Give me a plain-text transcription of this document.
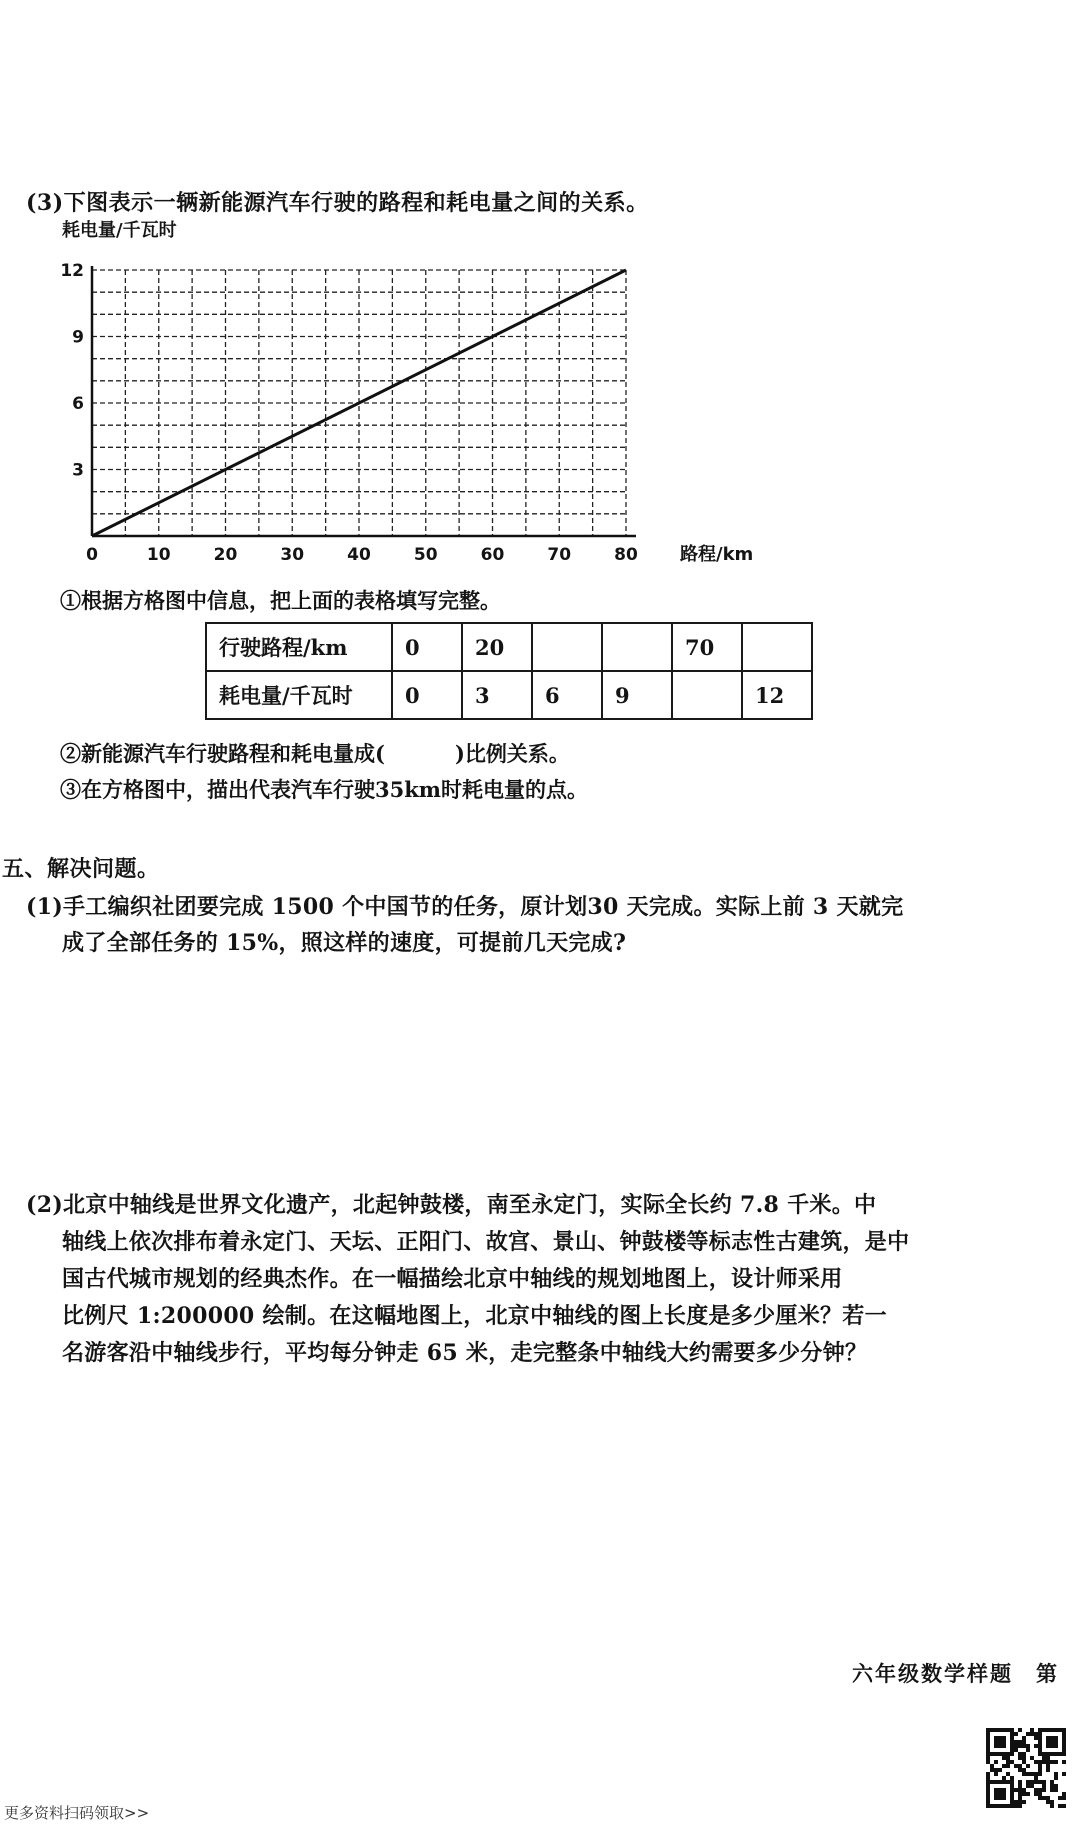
(3)下图表示一辆新能源汽车行驶的路程和耗电量之间的关系。
耗电量/千瓦时
0	10	20	30	40	50	60	70	80
3
6
9
12
路程/km
①根据方格图中信息，把上面的表格填写完整。
行驶路程/km	0	20			70	
耗电量/千瓦时	0	3	6	9		12
②新能源汽车行驶路程和耗电量成(	)比例关系。
③在方格图中，描出代表汽车行驶35km时耗电量的点。
五、解决问题。
(1)手工编织社团要完成 1500 个中国节的任务，原计划30 天完成。实际上前 3 天就完
成了全部任务的 15%，照这样的速度，可提前几天完成?
(2)北京中轴线是世界文化遗产，北起钟鼓楼，南至永定门，实际全长约 7.8 千米。中
轴线上依次排布着永定门、天坛、正阳门、故宫、景山、钟鼓楼等标志性古建筑，是中
国古代城市规划的经典杰作。在一幅描绘北京中轴线的规划地图上，设计师采用
比例尺 1:200000 绘制。在这幅地图上，北京中轴线的图上长度是多少厘米？若一
名游客沿中轴线步行，平均每分钟走 65 米，走完整条中轴线大约需要多少分钟？
六年级数学样题　第
更多资料扫码领取>>
